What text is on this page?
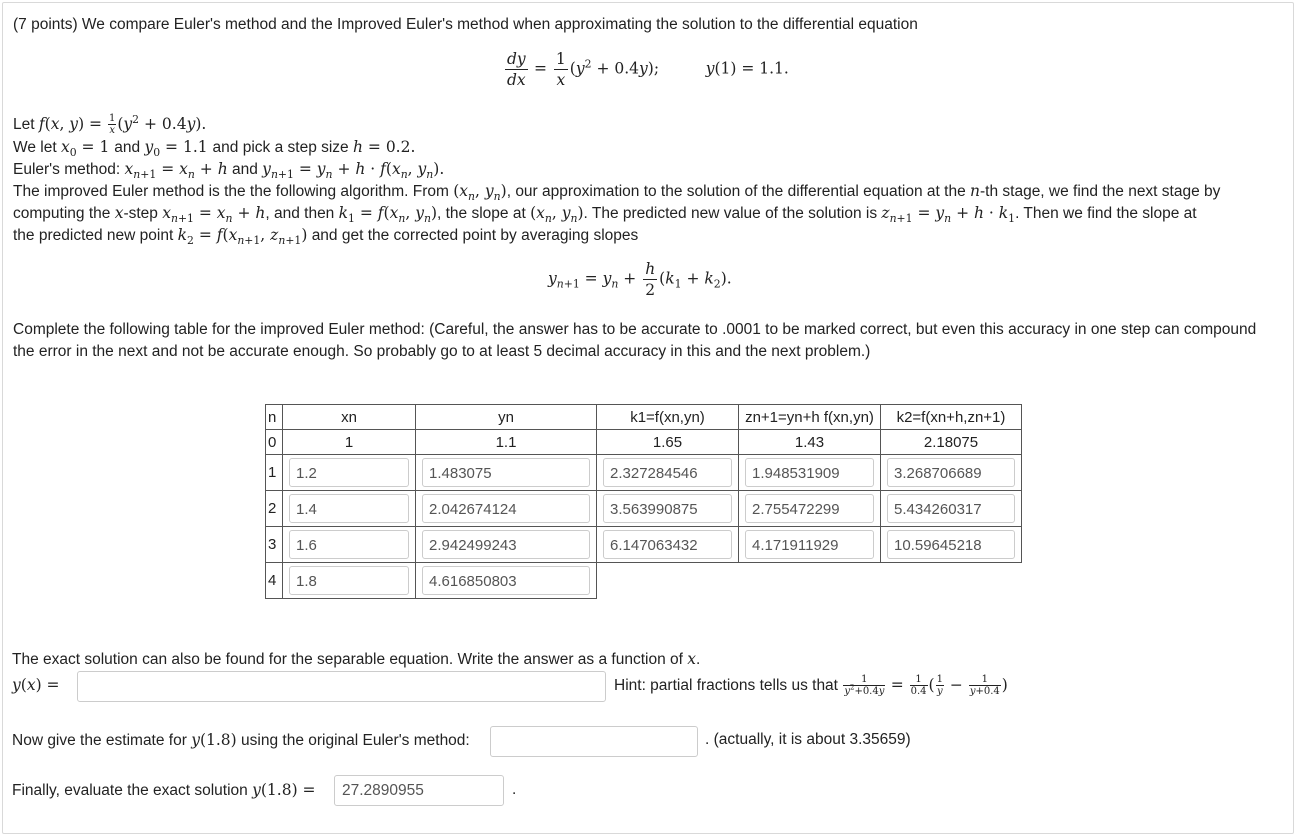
(7 points) We compare Euler's method and the Improved Euler's method when approximating the solution to the differential equation
$\frac{dy}{dx} = \frac{1}{x} (y^2 + 0.4y)$;	y(1) = 1.1.
Let f(x, $y) = \frac{1}{x} (y^2 + 0.4y)$.
We let $x_0 = 1$ and $y_0 = 1.1$ and pick a step size h = 0.2.
Euler's method: $x_{n+1} = x_n + h$ and $y_{n+1} = y_n + h \cdot f(x_n$, $y_n$).
The improved Euler method is the the following algorithm. From ($x_n$, $y_n$), our approximation to the solution of the differential equation at the n-th stage, we find the next stage by
computing the x-step $x_{n+1} = x_n + h$, and then $k_1 = f(x_n$, $y_n$), the slope at ($x_n$, $y_n$). The predicted new value of the solution is $z_{n+1} = y_n + h \cdot k_1$. Then we find the slope at
the predicted new point $k_2 = f(x_{n+1}$, $z_{n+1}$) and get the corrected point by averaging slopes
$y_{n+1} = y_n + \frac{h}{2} (k_1 + k_2)$.
Complete the following table for the improved Euler method: (Careful, the answer has to be accurate to .0001 to be marked correct, but even this accuracy in one step can compound
the error in the next and not be accurate enough. So probably go to at least 5 decimal accuracy in this and the next problem.)
n	xn	yn	k1=f(xn,yn)	zn+1=yn+h f(xn,yn)	k2=f(xn+h,zn+1)
0	1	1.1	1.65	1.43	2.18075
1	1.2	1.483075	2.327284546	1.948531909	3.268706689

2	1.4	2.042674124	3.563990875	2.755472299	5.434260317

3	1.6	2.942499243	6.147063432	4.171911929	10.59645218

4	1.8	4.616850803			

The exact solution can also be found for the separable equation. Write the answer as a function of x.
y(x) =	Hint: partial fractions tells us that $\frac{1}{y^2+0.4y} = \frac{1}{0.4}$ ( $\frac{1}{y} - \frac{1}{y+0.4}$ )
Now give the estimate for y(1.8) using the original Euler's method:	. (actually, it is about 3.35659)
Finally, evaluate the exact solution y(1.8) =	27.2890955	.
